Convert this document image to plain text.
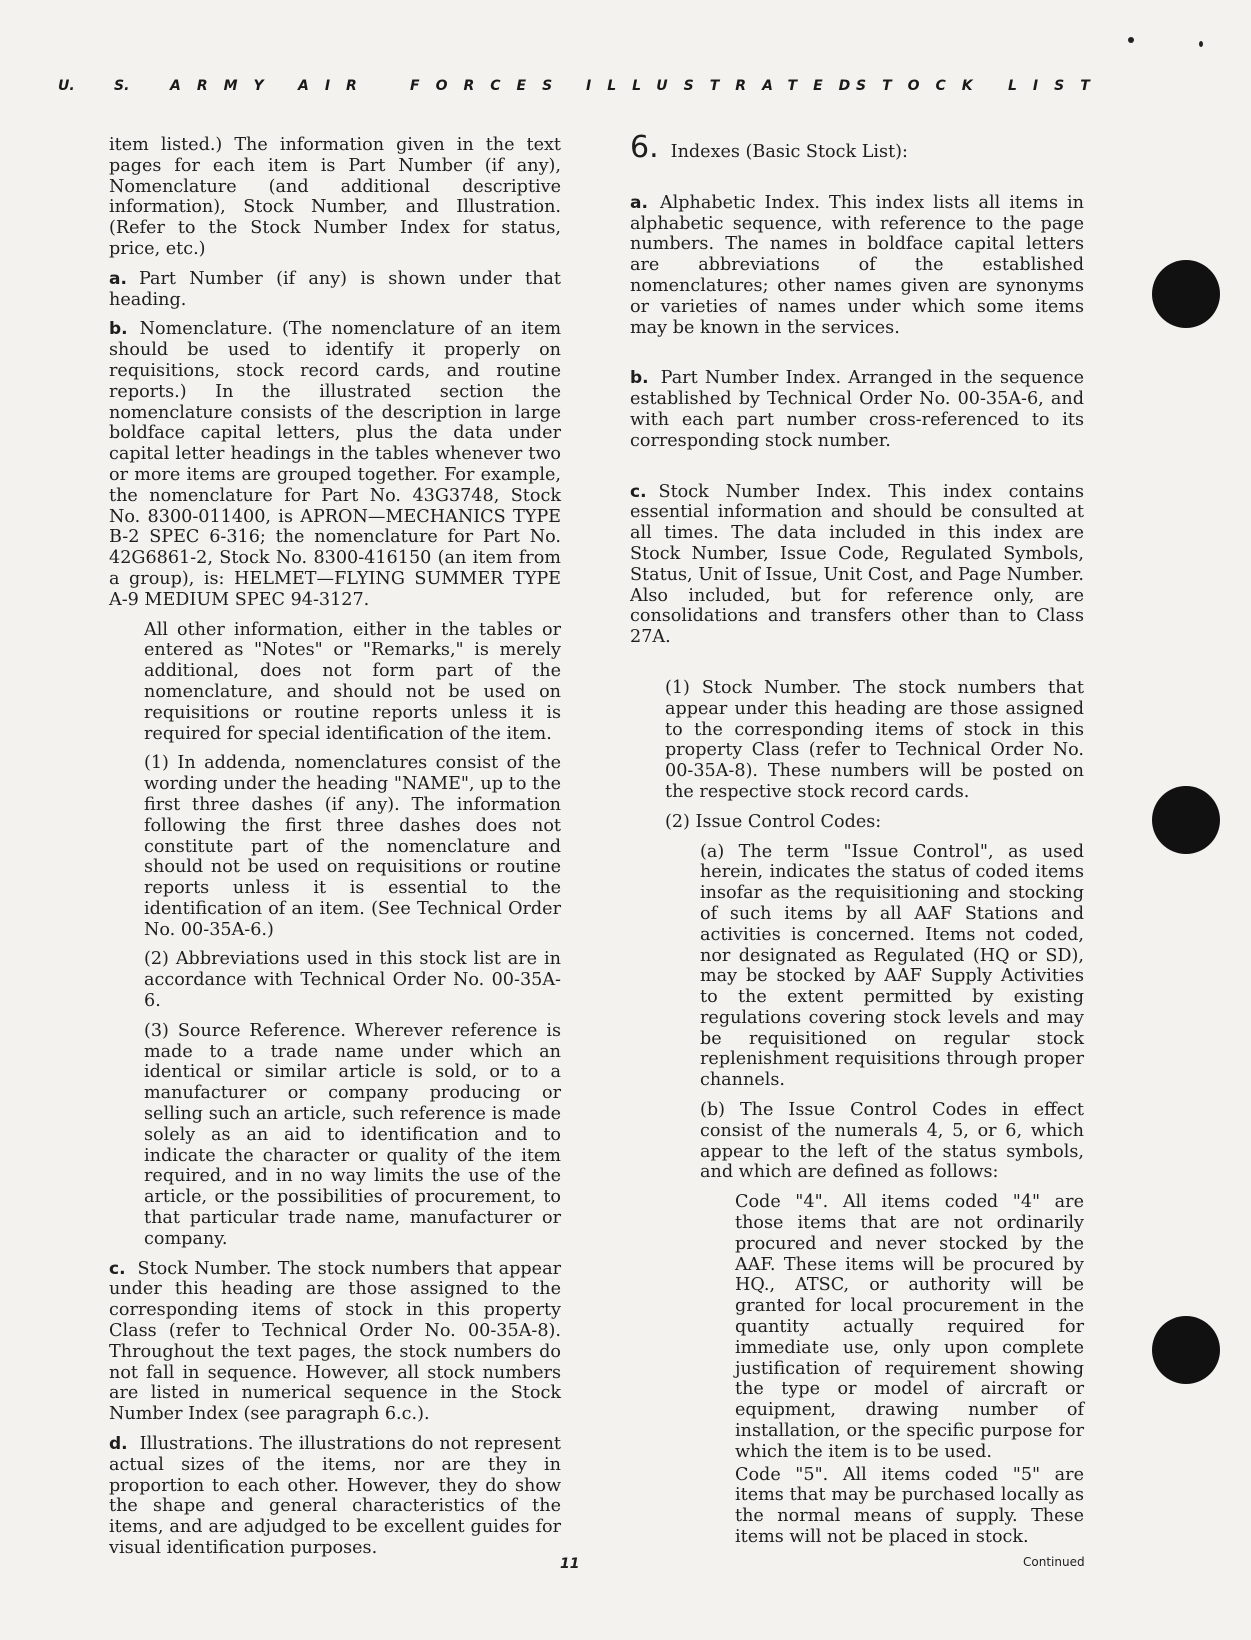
U.	S.	ARMY AIR	FORCES ILLUSTRATED
STOCK LIST

item listed.) The information given in the text pages for each item is Part Number (if any), Nomenclature (and additional descriptive information), Stock Number, and Illustration. (Refer to the Stock Number Index for status, price, etc.)

a. Part Number (if any) is shown under that heading.

b. Nomenclature. (The nomenclature of an item should be used to identify it properly on requisitions, stock record cards, and routine reports.) In the illustrated section the nomenclature consists of the description in large boldface capital letters, plus the data under capital letter headings in the tables whenever two or more items are grouped together. For example, the nomenclature for Part No. 43G3748, Stock No. 8300-011400, is APRON—MECHANICS TYPE B-2 SPEC 6-316; the nomenclature for Part No. 42G6861-2, Stock No. 8300-416150 (an item from a group), is: HELMET—FLYING SUMMER TYPE A-9 MEDIUM SPEC 94-3127.

All other information, either in the tables or entered as "Notes" or "Remarks," is merely additional, does not form part of the nomenclature, and should not be used on requisitions or routine reports unless it is required for special identification of the item.

(1) In addenda, nomenclatures consist of the wording under the heading "NAME", up to the first three dashes (if any). The information following the first three dashes does not constitute part of the nomenclature and should not be used on requisitions or routine reports unless it is essential to the identification of an item. (See Technical Order No. 00-35A-6.)

(2) Abbreviations used in this stock list are in accordance with Technical Order No. 00-35A-6.

(3) Source Reference. Wherever reference is made to a trade name under which an identical or similar article is sold, or to a manufacturer or company producing or selling such an article, such reference is made solely as an aid to identification and to indicate the character or quality of the item required, and in no way limits the use of the article, or the possibilities of procurement, to that particular trade name, manufacturer or company.

c. Stock Number. The stock numbers that appear under this heading are those assigned to the corresponding items of stock in this property Class (refer to Technical Order No. 00-35A-8). Throughout the text pages, the stock numbers do not fall in sequence. However, all stock numbers are listed in numerical sequence in the Stock Number Index (see paragraph 6.c.).

d. Illustrations. The illustrations do not represent actual sizes of the items, nor are they in proportion to each other. However, they do show the shape and general characteristics of the items, and are adjudged to be excellent guides for visual identification purposes.

6. Indexes (Basic Stock List):

a. Alphabetic Index. This index lists all items in alphabetic sequence, with reference to the page numbers. The names in boldface capital letters are abbreviations of the established nomenclatures; other names given are synonyms or varieties of names under which some items may be known in the services.

b. Part Number Index. Arranged in the sequence established by Technical Order No. 00-35A-6, and with each part number cross-referenced to its corresponding stock number.

c. Stock Number Index. This index contains essential information and should be consulted at all times. The data included in this index are Stock Number, Issue Code, Regulated Symbols, Status, Unit of Issue, Unit Cost, and Page Number. Also included, but for reference only, are consolidations and transfers other than to Class 27A.

(1) Stock Number. The stock numbers that appear under this heading are those assigned to the corresponding items of stock in this property Class (refer to Technical Order No. 00-35A-8). These numbers will be posted on the respective stock record cards.

(2) Issue Control Codes:

(a) The term "Issue Control", as used herein, indicates the status of coded items insofar as the requisitioning and stocking of such items by all AAF Stations and activities is concerned. Items not coded, nor designated as Regulated (HQ or SD), may be stocked by AAF Supply Activities to the extent permitted by existing regulations covering stock levels and may be requisitioned on regular stock replenishment requisitions through proper channels.

(b) The Issue Control Codes in effect consist of the numerals 4, 5, or 6, which appear to the left of the status symbols, and which are defined as follows:

Code "4". All items coded "4" are those items that are not ordinarily procured and never stocked by the AAF. These items will be procured by HQ., ATSC, or authority will be granted for local procurement in the quantity actually required for immediate use, only upon complete justification of requirement showing the type or model of aircraft or equipment, drawing number of installation, or the specific purpose for which the item is to be used.

Code "5". All items coded "5" are items that may be purchased locally as the normal means of supply. These items will not be placed in stock.

11	Continued
